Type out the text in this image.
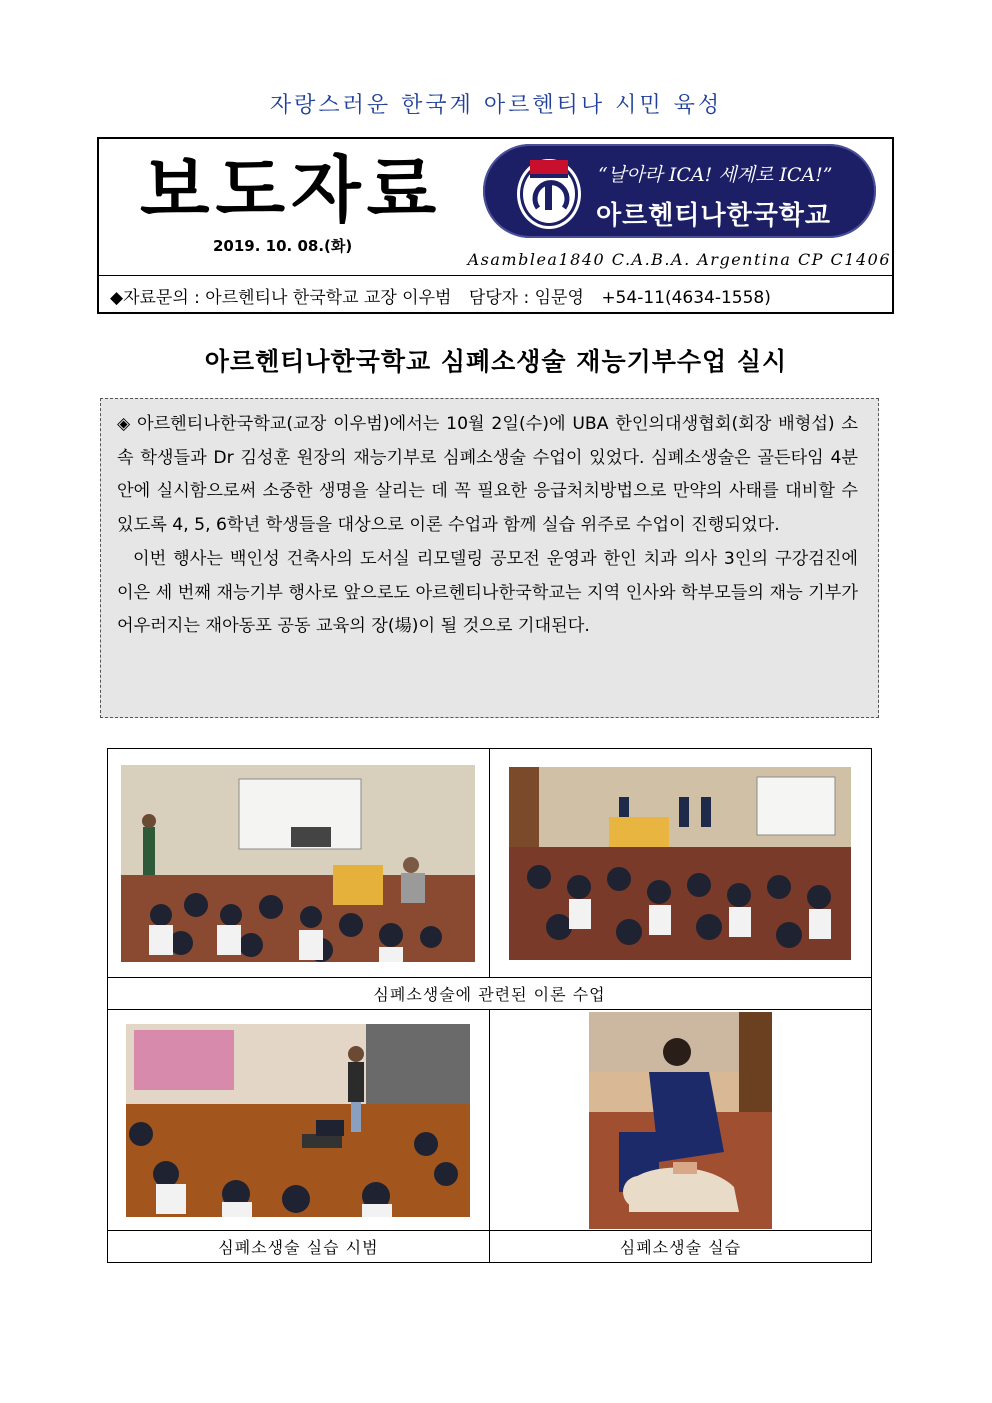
자랑스러운 한국계 아르헨티나 시민 육성
보도자료
2019. 10. 08.(화)
“날아라 ICA! 세계로 ICA!”
아르헨티나한국학교
Asamblea1840 C.A.B.A. Argentina CP C1406
◆자료문의 : 아르헨티나 한국학교 교장 이우범 담당자 : 임문영 +54-11(4634-1558)
아르헨티나한국학교 심폐소생술 재능기부수업 실시

◈ 아르헨티나한국학교(교장 이우범)에서는 10월 2일(수)에 UBA 한인의대생협회(회장 배형섭) 소속 학생들과 Dr 김성훈 원장의 재능기부로 심폐소생술 수업이 있었다. 심폐소생술은 골든타임 4분 안에 실시함으로써 소중한 생명을 살리는 데 꼭 필요한 응급처치방법으로 만약의 사태를 대비할 수 있도록 4, 5, 6학년 학생들을 대상으로 이론 수업과 함께 실습 위주로 수업이 진행되었다.

이번 행사는 백인성 건축사의 도서실 리모델링 공모전 운영과 한인 치과 의사 3인의 구강검진에 이은 세 번째 재능기부 행사로 앞으로도 아르헨티나한국학교는 지역 인사와 학부모들의 재능 기부가 어우러지는 재아동포 공동 교육의 장(場)이 될 것으로 기대된다.

심폐소생술에 관련된 이론 수업	

심폐소생술 실습 시범	심폐소생술 실습
